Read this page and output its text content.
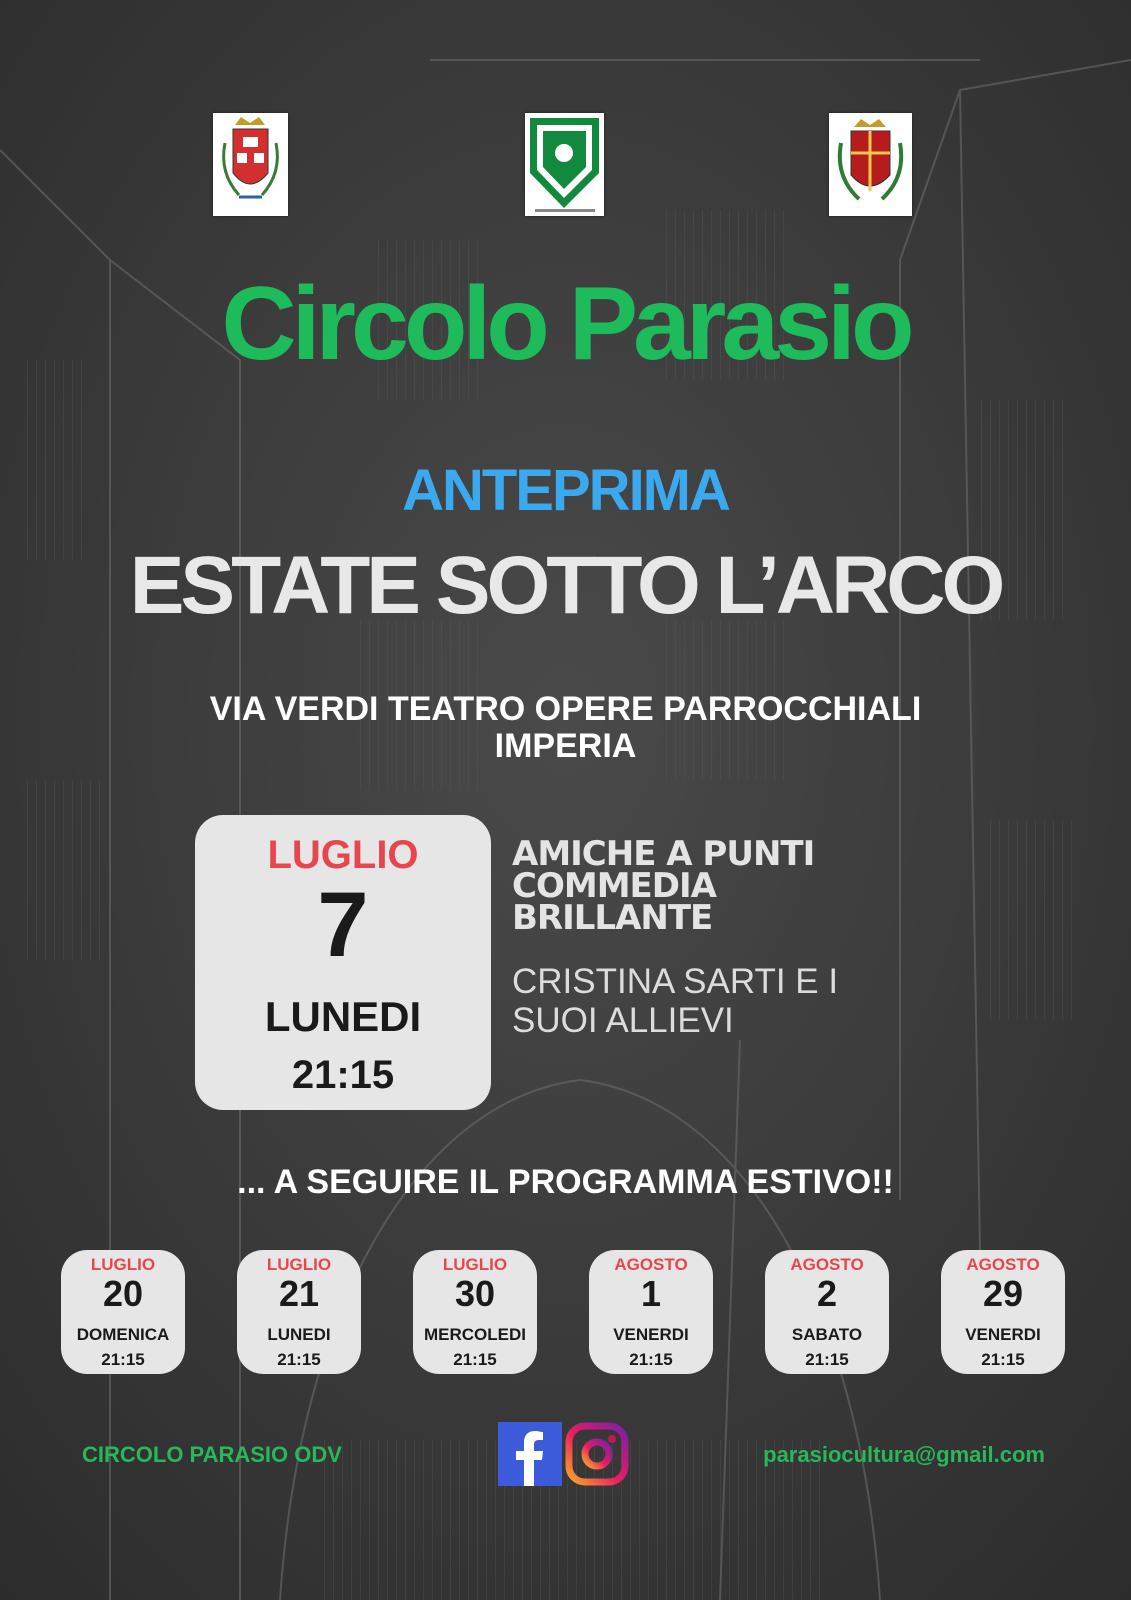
Circolo Parasio
ANTEPRIMA
ESTATE SOTTO L’ARCO
VIA VERDI TEATRO OPERE PARROCCHIALI
IMPERIA
LUGLIO
7
LUNEDI
21:15
AMICHE A PUNTI
COMMEDIA
BRILLANTE
CRISTINA SARTI E I
SUOI ALLIEVI
... A SEGUIRE IL PROGRAMMA ESTIVO!!
LUGLIO
20
DOMENICA
21:15
LUGLIO
21
LUNEDI
21:15
LUGLIO
30
MERCOLEDI
21:15
AGOSTO
1
VENERDI
21:15
AGOSTO
2
SABATO
21:15
AGOSTO
29
VENERDI
21:15
CIRCOLO PARASIO ODV	parasiocultura@gmail.com
